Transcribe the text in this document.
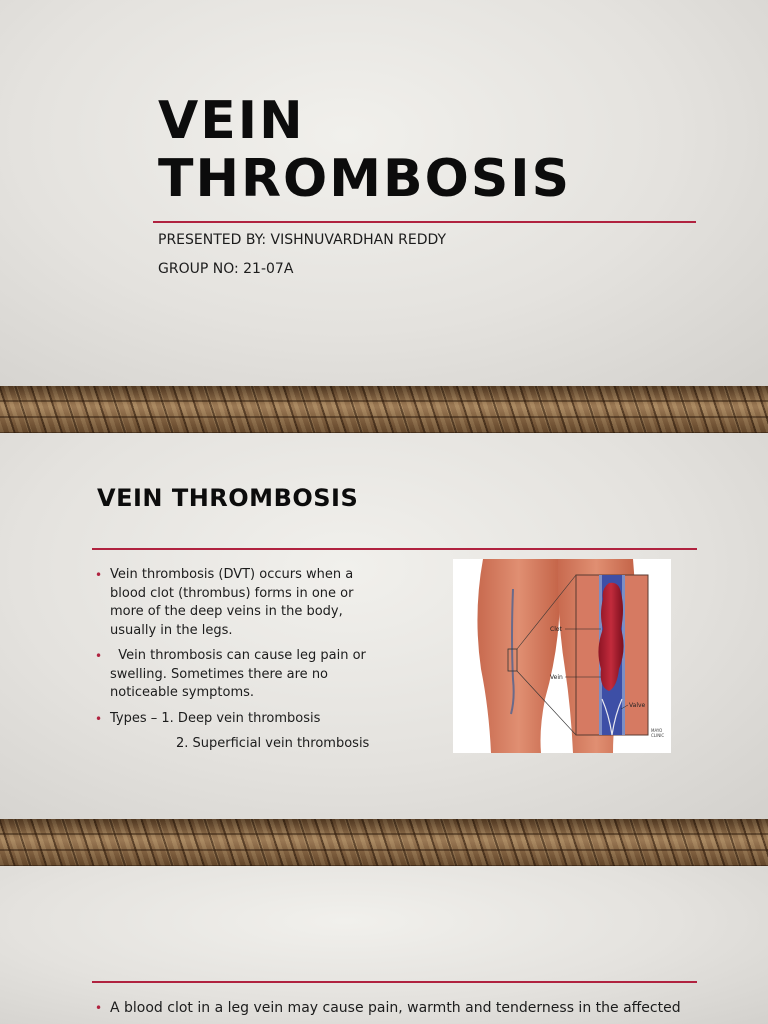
VEIN
THROMBOSIS

PRESENTED BY: VISHNUVARDHAN REDDY

GROUP NO: 21-07A

VEIN THROMBOSIS
• Vein thrombosis (DVT) occurs when a blood clot (thrombus) forms in one or more of the deep veins in the body, usually in the legs.
• Vein thrombosis can cause leg pain or swelling. Sometimes there are no noticeable symptoms.
• Types – 1. Deep vein thrombosis
2. Superficial vein thrombosis
Clot
Vein
Valve
MAYO
CLINIC
• A blood clot in a leg vein may cause pain, warmth and tenderness in the affected
